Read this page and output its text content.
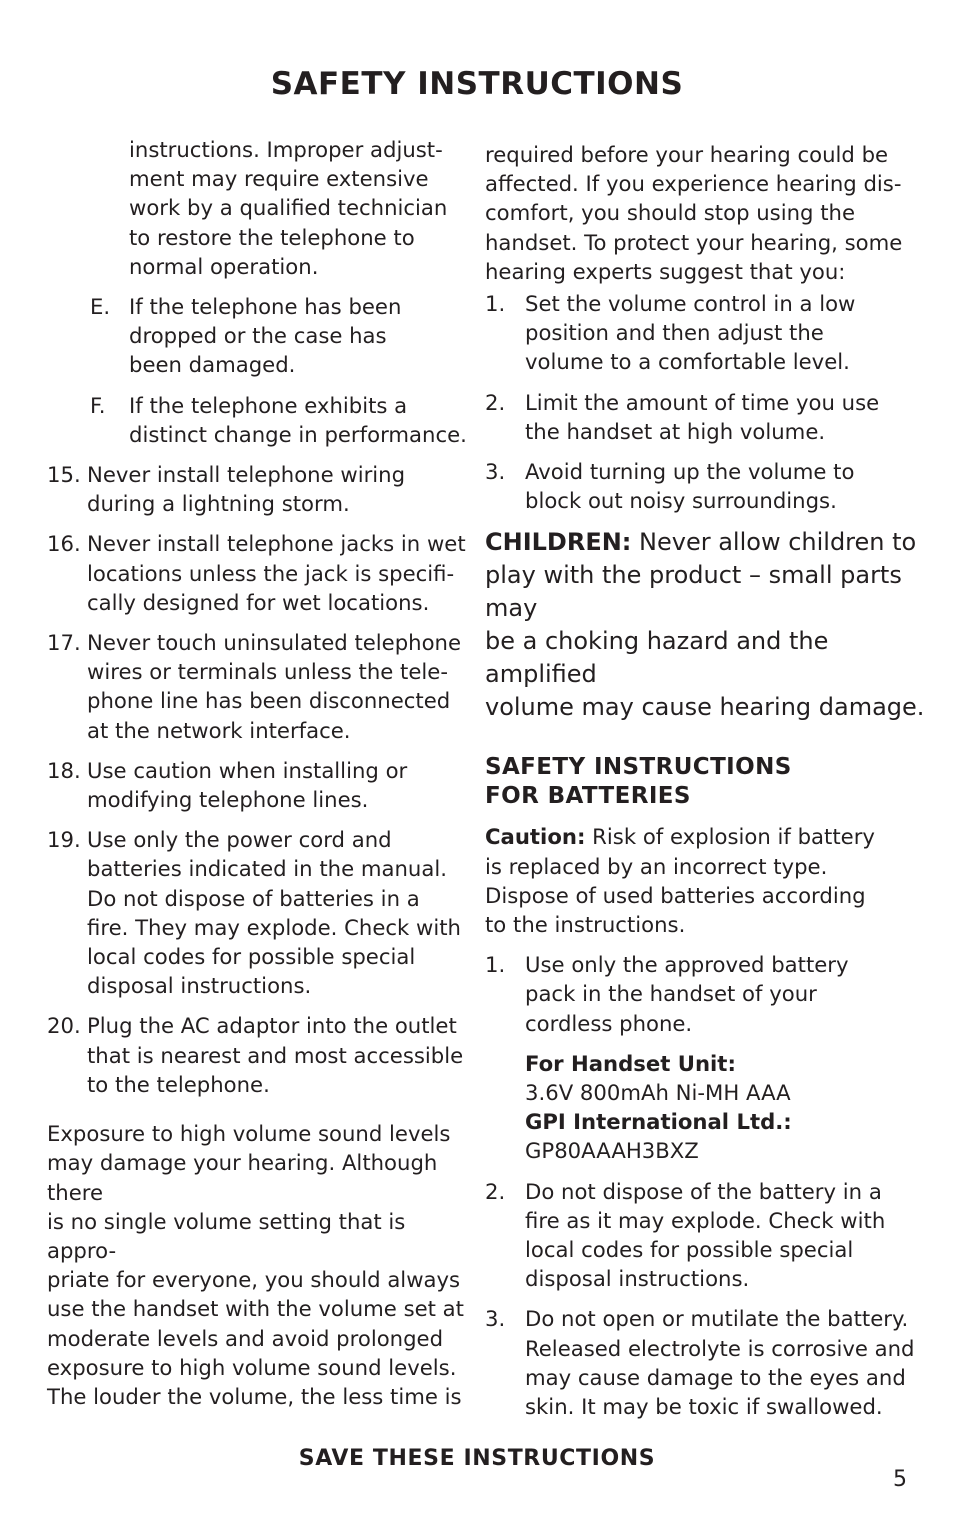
SAFETY INSTRUCTIONS
instructions. Improper adjust-
ment may require extensive
work by a qualified technician
to restore the telephone to
normal operation.
E. If the telephone has been
dropped or the case has
been damaged.
F. If the telephone exhibits a
distinct change in performance.
15. Never install telephone wiring
during a lightning storm.
16. Never install telephone jacks in wet
locations unless the jack is specifi-
cally designed for wet locations.
17. Never touch uninsulated telephone
wires or terminals unless the tele-
phone line has been disconnected
at the network interface.
18. Use caution when installing or
modifying telephone lines.
19. Use only the power cord and
batteries indicated in the manual.
Do not dispose of batteries in a
fire. They may explode. Check with
local codes for possible special
disposal instructions.
20. Plug the AC adaptor into the outlet
that is nearest and most accessible
to the telephone.

Exposure to high volume sound levels
may damage your hearing. Although there
is no single volume setting that is appro-
priate for everyone, you should always
use the handset with the volume set at
moderate levels and avoid prolonged
exposure to high volume sound levels.
The louder the volume, the less time is

required before your hearing could be
affected. If you experience hearing dis-
comfort, you should stop using the
handset. To protect your hearing, some
hearing experts suggest that you:

1. Set the volume control in a low
position and then adjust the
volume to a comfortable level.
2. Limit the amount of time you use
the handset at high volume.
3. Avoid turning up the volume to
block out noisy surroundings.

CHILDREN: Never allow children to
play with the product – small parts may
be a choking hazard and the amplified
volume may cause hearing damage.

SAFETY INSTRUCTIONS
FOR BATTERIES

Caution: Risk of explosion if battery
is replaced by an incorrect type.
Dispose of used batteries according
to the instructions.

1. Use only the approved battery
pack in the handset of your
cordless phone.
For Handset Unit:
3.6V 800mAh Ni-MH AAA
GPI International Ltd.:
GP80AAAH3BXZ
2. Do not dispose of the battery in a
fire as it may explode. Check with
local codes for possible special
disposal instructions.
3. Do not open or mutilate the battery.
Released electrolyte is corrosive and
may cause damage to the eyes and
skin. It may be toxic if swallowed.
SAVE THESE INSTRUCTIONS
5
